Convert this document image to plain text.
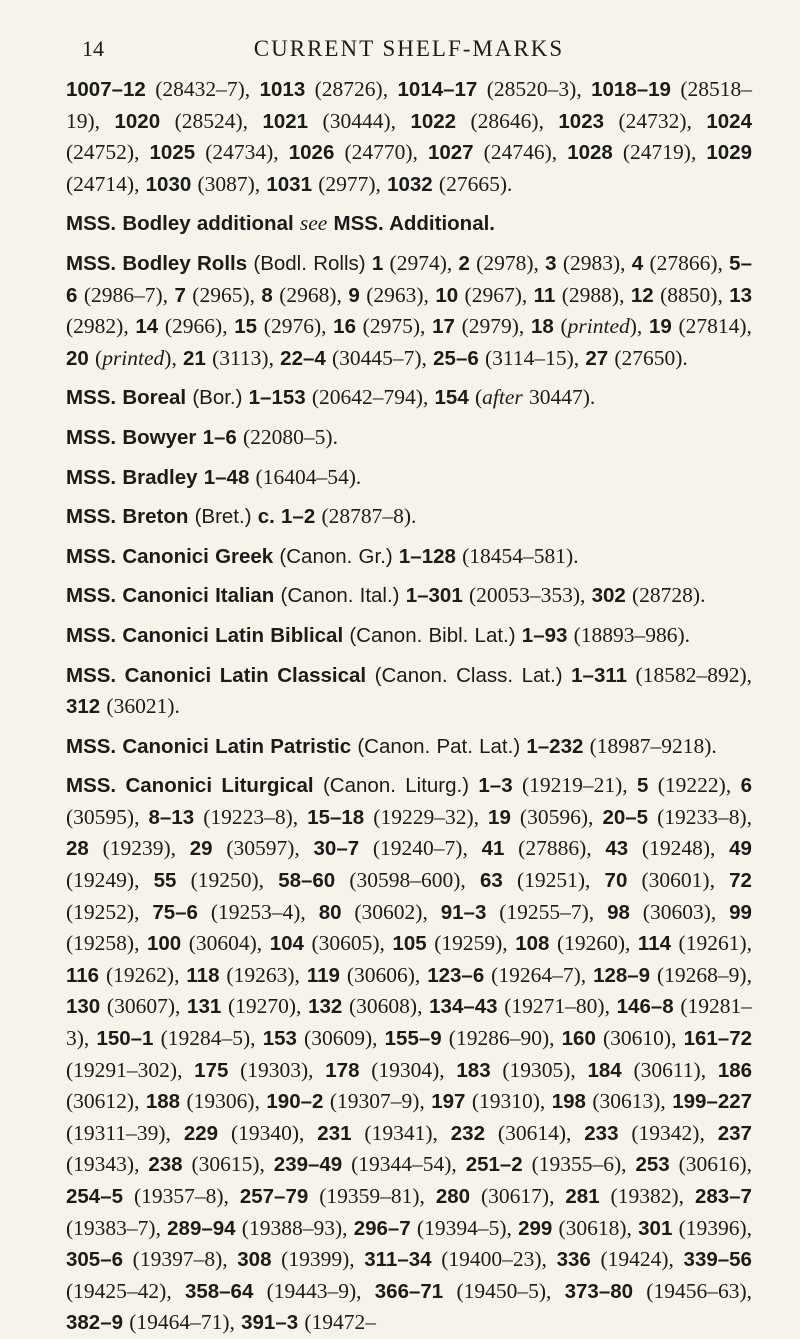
14	CURRENT SHELF-MARKS

1007–12 (28432–7), 1013 (28726), 1014–17 (28520–3), 1018–19 (28518–19), 1020 (28524), 1021 (30444), 1022 (28646), 1023 (24732), 1024 (24752), 1025 (24734), 1026 (24770), 1027 (24746), 1028 (24719), 1029 (24714), 1030 (3087), 1031 (2977), 1032 (27665).

MSS. Bodley additional see MSS. Additional.

MSS. Bodley Rolls (Bodl. Rolls) 1 (2974), 2 (2978), 3 (2983), 4 (27866), 5–6 (2986–7), 7 (2965), 8 (2968), 9 (2963), 10 (2967), 11 (2988), 12 (8850), 13 (2982), 14 (2966), 15 (2976), 16 (2975), 17 (2979), 18 (printed), 19 (27814), 20 (printed), 21 (3113), 22–4 (30445–7), 25–6 (3114–15), 27 (27650).

MSS. Boreal (Bor.) 1–153 (20642–794), 154 (after 30447).

MSS. Bowyer 1–6 (22080–5).

MSS. Bradley 1–48 (16404–54).

MSS. Breton (Bret.) c. 1–2 (28787–8).

MSS. Canonici Greek (Canon. Gr.) 1–128 (18454–581).

MSS. Canonici Italian (Canon. Ital.) 1–301 (20053–353), 302 (28728).

MSS. Canonici Latin Biblical (Canon. Bibl. Lat.) 1–93 (18893–986).

MSS. Canonici Latin Classical (Canon. Class. Lat.) 1–311 (18582–892), 312 (36021).

MSS. Canonici Latin Patristic (Canon. Pat. Lat.) 1–232 (18987–9218).

MSS. Canonici Liturgical (Canon. Liturg.) 1–3 (19219–21), 5 (19222), 6 (30595), 8–13 (19223–8), 15–18 (19229–32), 19 (30596), 20–5 (19233–8), 28 (19239), 29 (30597), 30–7 (19240–7), 41 (27886), 43 (19248), 49 (19249), 55 (19250), 58–60 (30598–600), 63 (19251), 70 (30601), 72 (19252), 75–6 (19253–4), 80 (30602), 91–3 (19255–7), 98 (30603), 99 (19258), 100 (30604), 104 (30605), 105 (19259), 108 (19260), 114 (19261), 116 (19262), 118 (19263), 119 (30606), 123–6 (19264–7), 128–9 (19268–9), 130 (30607), 131 (19270), 132 (30608), 134–43 (19271–80), 146–8 (19281–3), 150–1 (19284–5), 153 (30609), 155–9 (19286–90), 160 (30610), 161–72 (19291–302), 175 (19303), 178 (19304), 183 (19305), 184 (30611), 186 (30612), 188 (19306), 190–2 (19307–9), 197 (19310), 198 (30613), 199–227 (19311–39), 229 (19340), 231 (19341), 232 (30614), 233 (19342), 237 (19343), 238 (30615), 239–49 (19344–54), 251–2 (19355–6), 253 (30616), 254–5 (19357–8), 257–79 (19359–81), 280 (30617), 281 (19382), 283–7 (19383–7), 289–94 (19388–93), 296–7 (19394–5), 299 (30618), 301 (19396), 305–6 (19397–8), 308 (19399), 311–34 (19400–23), 336 (19424), 339–56 (19425–42), 358–64 (19443–9), 366–71 (19450–5), 373–80 (19456–63), 382–9 (19464–71), 391–3 (19472–
